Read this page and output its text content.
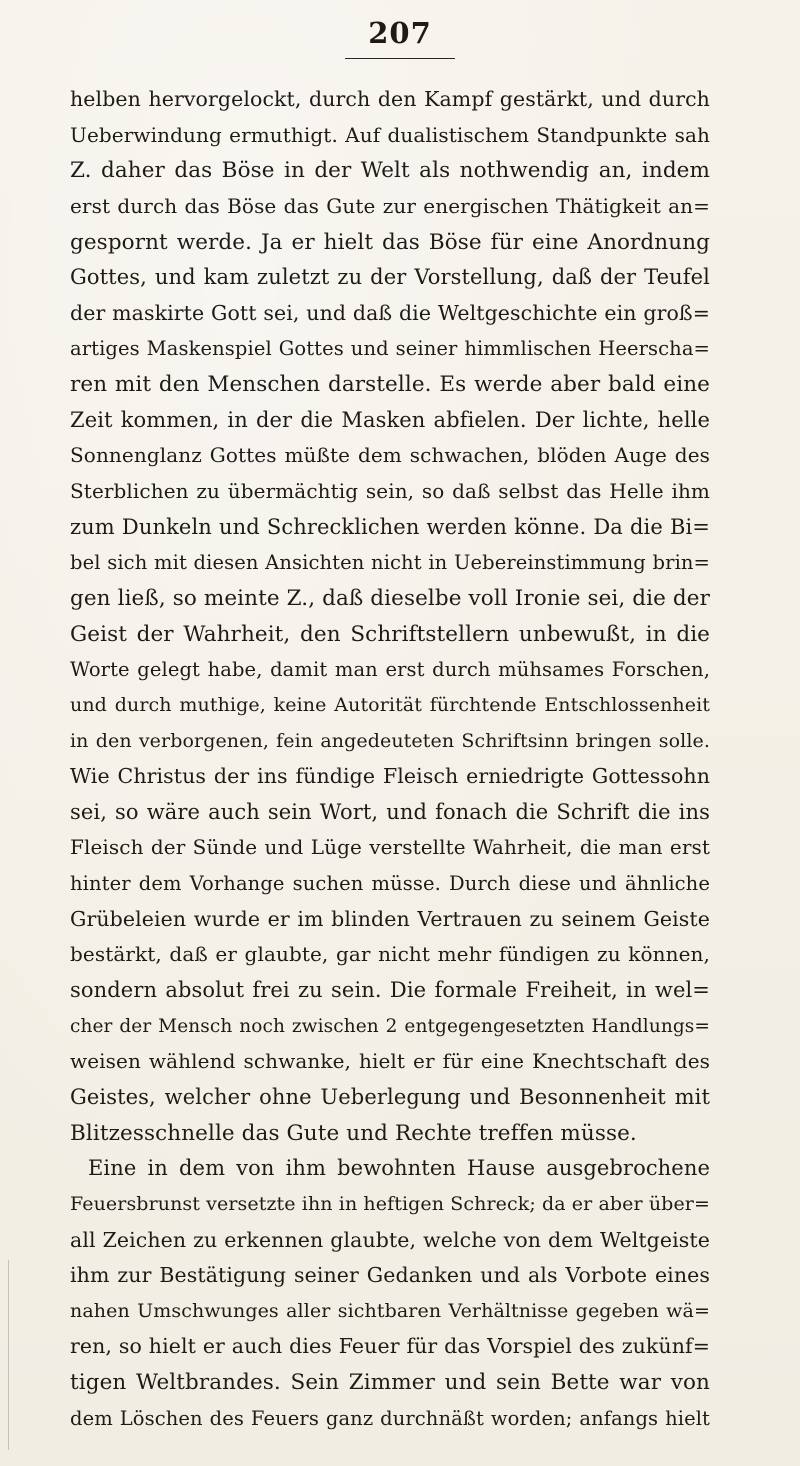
207
helben hervorgelockt, durch den Kampf gestärkt, und durch
Ueberwindung ermuthigt. Auf dualistischem Standpunkte sah
Z. daher das Böse in der Welt als nothwendig an, indem
erst durch das Böse das Gute zur energischen Thätigkeit an=
gespornt werde. Ja er hielt das Böse für eine Anordnung
Gottes, und kam zuletzt zu der Vorstellung, daß der Teufel
der maskirte Gott sei, und daß die Weltgeschichte ein groß=
artiges Maskenspiel Gottes und seiner himmlischen Heerscha=
ren mit den Menschen darstelle. Es werde aber bald eine
Zeit kommen, in der die Masken abfielen. Der lichte, helle
Sonnenglanz Gottes müßte dem schwachen, blöden Auge des
Sterblichen zu übermächtig sein, so daß selbst das Helle ihm
zum Dunkeln und Schrecklichen werden könne. Da die Bi=
bel sich mit diesen Ansichten nicht in Uebereinstimmung brin=
gen ließ, so meinte Z., daß dieselbe voll Ironie sei, die der
Geist der Wahrheit, den Schriftstellern unbewußt, in die
Worte gelegt habe, damit man erst durch mühsames Forschen,
und durch muthige, keine Autorität fürchtende Entschlossenheit
in den verborgenen, fein angedeuteten Schriftsinn bringen solle.
Wie Christus der ins fündige Fleisch erniedrigte Gottessohn
sei, so wäre auch sein Wort, und fonach die Schrift die ins
Fleisch der Sünde und Lüge verstellte Wahrheit, die man erst
hinter dem Vorhange suchen müsse. Durch diese und ähnliche
Grübeleien wurde er im blinden Vertrauen zu seinem Geiste
bestärkt, daß er glaubte, gar nicht mehr fündigen zu können,
sondern absolut frei zu sein. Die formale Freiheit, in wel=
cher der Mensch noch zwischen 2 entgegengesetzten Handlungs=
weisen wählend schwanke, hielt er für eine Knechtschaft des
Geistes, welcher ohne Ueberlegung und Besonnenheit mit
Blitzesschnelle das Gute und Rechte treffen müsse.
Eine in dem von ihm bewohnten Hause ausgebrochene
Feuersbrunst versetzte ihn in heftigen Schreck; da er aber über=
all Zeichen zu erkennen glaubte, welche von dem Weltgeiste
ihm zur Bestätigung seiner Gedanken und als Vorbote eines
nahen Umschwunges aller sichtbaren Verhältnisse gegeben wä=
ren, so hielt er auch dies Feuer für das Vorspiel des zukünf=
tigen Weltbrandes. Sein Zimmer und sein Bette war von
dem Löschen des Feuers ganz durchnäßt worden; anfangs hielt
